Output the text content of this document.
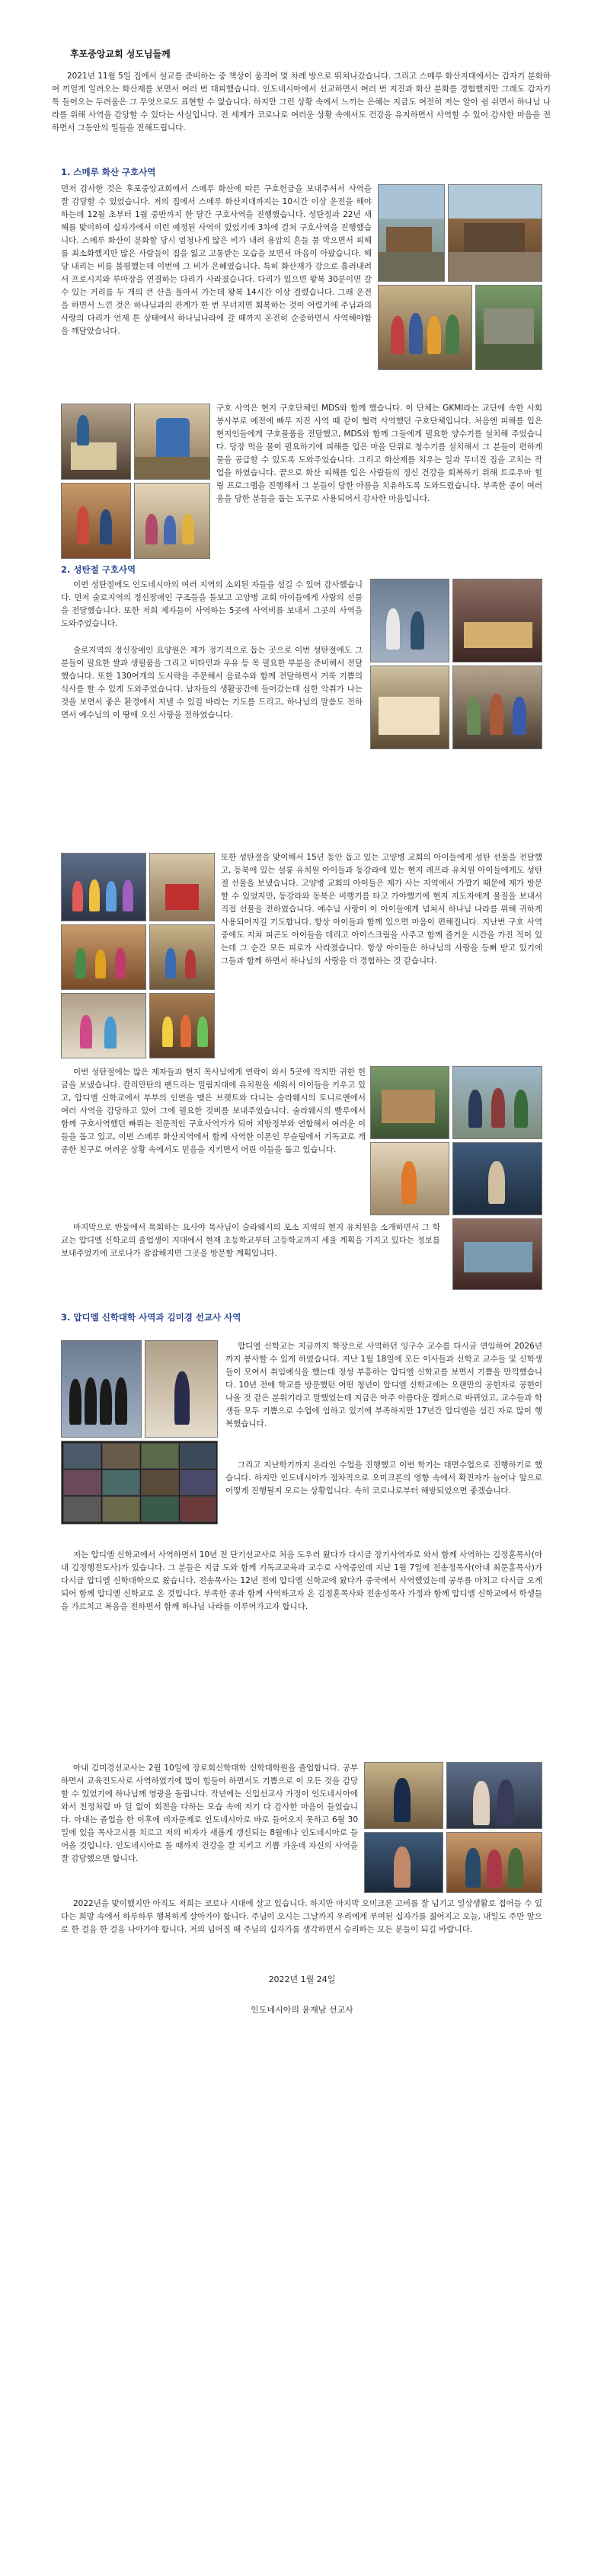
후포중앙교회 성도님들께

2021년 11월 5일 집에서 설교를 준비하는 중 책상이 움직여 몇 차례 방으로 뛰쳐나갔습니다. 그리고 스메루 화산지대에서는 갑자기 분화하여 끼얼게 일려오는 화산재를 보면서 여러 번 대피했습니다. 인도네시아에서 선교하면서 여러 번 지진과 화산 분화를 경험했지만 그래도 갑자기 툭 들어오는 두려움은 그 무엇으로도 표현할 수 없습니다. 하지만 그런 상황 속에서 느끼는 은혜는 지금도 여전히 저는 알아 쉼 쉬면서 하나님 나라를 위해 사역을 감당할 수 있다는 사실입니다. 전 세계가 코로나로 여러운 상황 속에서도 건강을 유지하면서 사역할 수 있어 감사한 마음을 전하면서 그동안의 일들을 전해드립니다.

1. 스메루 화산 구호사역

먼저 감사한 것은 후포중앙교회에서 스메루 화산에 따른 구호헌금을 보내주셔서 사역을 잘 감당할 수 있었습니다. 저의 집에서 스메루 화산지대까지는 10시간 이상 운전을 해야 하는데 12월 초부터 1월 중반까지 한 달간 구호사역을 진행했습니다. 성탄절과 22년 새해를 맞이하여 십자가에서 이런 예정된 사역이 있었기에 3차에 걸쳐 구호사역을 진행했습니다. 스메루 화산이 분화할 당시 엄청나게 많은 비가 내려 용암의 흔들 물 막으면서 피해를 최소화했지만 많은 사람들이 집을 잃고 고통받는 모습을 보면서 마음이 아팠습니다. 해당 내리는 비를 불평했는데 이번에 그 비가 은혜였습니다. 특히 화산재가 강으로 흘러내려서 프로시지와 루마장을 연결하는 다리가 사라졌습니다. 다리가 있으면 왕복 30분이면 갈 수 있는 거리를 두 개의 큰 산을 돌아서 가는데 왕복 14시간 이상 걸렸습니다. 그래 운전을 하면서 느낀 것은 하나님과의 관계가 한 번 무너지면 회복하는 것이 어렵기에 주님과의 사랑의 다리가 언제 튼 상태에서 하나님나라에 갈 때까지 온전히 순종하면서 사역해야함을 깨달았습니다.

구호 사역은 현지 구호단체인 MDS와 함께 했습니다. 이 단체는 GKMI라는 교단에 속한 사회봉사부로 예전에 빠무 지진 사역 때 같이 협력 사역했던 구호단체입니다. 처음엔 피해를 입은 현지인들에게 구호물품을 전달했고, MDS와 함께 그들에게 필요한 양수기를 설치해 주었습니다. 당장 먹을 물이 필요하기에 피해를 입은 마을 단위로 청수기를 설치해서 그 분들이 편하게 물을 공급할 수 있도록 도와주었습니다. 그리고 화산재를 치우는 일과 무너진 집을 고치는 작업을 하였습니다. 끝으로 화산 피해를 입은 사람들의 정신 건강을 회복하기 위해 트로우마 힐링 프로그램을 진행해서 그 분들이 당한 아픔을 치유하도록 도와드렸습니다. 부족한 종이 여러움을 당한 분들을 돕는 도구로 사용되어서 감사한 마음입니다.

2. 성탄절 구호사역

이번 성탄절에도 인도네시아의 여러 지역의 소외된 자들을 섬길 수 있어 감사했습니다. 먼저 술로지역의 정신장애인 구조들을 돌보고 고양병 교회 아이들에게 사랑의 선물을 전달했습니다. 또한 저희 제자들이 사역하는 5곳에 사역비를 보내서 그곳의 사역을 도와주었습니다.

술로지역의 정신장애인 요양원은 제가 정기적으로 돕는 곳으로 이번 성탄절에도 그 분들이 필요한 쌀과 생필품을 그리고 비타민과 우유 등 목 필요한 부분을 준비해서 전달했습니다. 또한 130여개의 도시락을 주문해서 음료수와 함께 전달하면서 거룩 기쁨의 식사를 할 수 있게 도와주었습니다. 남자들의 생활공간에 들어갔는데 심한 악취가 나는 것을 보면서 좋은 환경에서 지낼 수 있길 바라는 기도를 드리고, 하나님의 말씀도 전하면서 예수님의 이 땅에 오신 사랑을 전하였습니다.

또한 성탄절을 맞이해서 15년 동안 돕고 있는 고양병 교회의 아이들에게 성탄 선물을 전달했고, 동북에 있는 설롱 유치원 아이들과 동강라에 있는 현지 레프라 유치원 아이들에게도 성탄절 선물을 보냈습니다. 고양병 교회의 아이들은 제가 사는 지역에서 가깝기 때문에 제가 방문할 수 있었지만, 동강라와 동북은 비행기를 타고 가야했기에 현지 지도자에게 물질을 보내서 직접 선물을 전하였습니다. 예수님 사랑이 이 아이들에게 넘쳐서 하나님 나라를 위해 귀하게 사용되어지길 기도합니다. 항상 아이들과 함께 있으면 마음이 편해집니다. 지난번 구호 사역 중에도 지쳐 피곤도 아이들을 데리고 아이스크림을 사주고 함께 즐거운 시간을 가진 적이 있는데 그 순간 모든 피로가 사라졌습니다. 항상 아이들은 하나님의 사랑을 등뼈 받고 있기에 그들과 함께 하면서 하나님의 사랑을 더 경험하는 것 같습니다.

이번 성탄절에는 많은 제자들과 현지 목사님에게 연락이 와서 5곳에 작지만 귀한 헌금을 보냈습니다. 칼리만탄의 팬드리는 밀림지대에 유치원을 세워서 아이들을 키우고 있고, 압디엘 신학교에서 부부의 인연을 맺은 브렛트와 다니는 숨라웨시의 토니르앤에서 여러 사역을 감당하고 있어 그에 필요한 것비를 보내주었습니다. 술라웨시의 빨루에서 함께 구호사역했던 빠뤼는 전문적인 구호사역가가 되어 지방정부와 연합해서 여러운 이들을 돕고 있고, 이번 스메루 화산지역에서 함께 사역한 이폰인 무슬림에서 기독교로 개종한 친구로 어려운 상황 속에서도 믿음을 지키면서 어린 이들을 돕고 있습니다.

마지막으로 반둥에서 목회하는 요사야 목사님이 술라웨시의 포소 지역의 현지 유치원을 소개하면서 그 학교는 압디엘 신학교의 졸업생이 지대에서 현재 초등학교부터 고등학교까지 세울 계획을 가지고 있다는 정보를 보내주었기에 코로나가 잠잠해지면 그곳을 방문할 계획입니다.

3. 압디엘 신학대학 사역과 김미경 선교사 사역

압디엘 신학교는 지금까지 학장으로 사역하던 잉구수 교수를 다시금 연임하여 2026년까지 봉사할 수 있게 하였습니다. 지난 1월 18일에 모든 이사들과 신학교 교수들 및 신학생들이 모여서 취임예식을 했는데 정성 부흥하는 압디엘 신학교를 보면서 기쁨을 만끽했습니다. 10년 전에 학교를 방문했던 어떤 청년이 압디엘 신학교에는 오랜만의 공헌자로 공헌이 나올 것 같은 분위기라고 말했었는데 지금은 아주 아름다운 캠퍼스로 바뀌었고, 교수들과 학생들 모두 기쁨으로 수업에 임하고 있기에 부족하지만 17년간 압디엘을 섬긴 자로 많이 행복했습니다.

그리고 지난학기까지 온라인 수업을 진행했고 이번 학기는 대면수업으로 진행하기로 했습니다. 하지만 인도네시아가 점차적으로 오미크론의 영향 속에서 확진자가 늘어나 앞으로 어떻게 진행될지 모르는 상황입니다. 속히 코로나로부터 해방되었으면 좋겠습니다.

저는 압디엘 신학교에서 사역하면서 10년 전 단기선교사로 처음 도우러 왔다가 다시금 장기사역자로 와서 함께 사역하는 김정훈목사(아내 김정행전도사)가 있습니다. 그 분들은 지금 도와 함께 기독교교육과 교수로 사역중인데 지난 1월 7일에 전송정목사(아내 최문홍목사)가 다시금 압디엘 신학대학으로 왔습니다. 전송목사는 12년 전에 압디엘 신학교에 왔다가 중국에서 사역했었는데 공부를 마치고 다시금 오게되어 함께 압디엘 신학교로 온 것입니다. 부족한 종과 함께 사역하고자 온 김정훈목사와 전송성목사 가정과 함께 압디엘 신학교에서 학생들을 가르치고 복음을 전하면서 함께 하나님 나라를 이루어가고자 합니다.

아내 김미경선교사는 2월 10일에 장로회신학대학 신학대학원을 졸업합니다. 공부하면서 교육전도사로 사역하였기에 많이 힘들어 하면서도 기쁨으로 이 모든 것을 감당할 수 있었기에 하나님께 영광을 돌립니다. 작년에는 신입선교사 가정이 인도네시아에 와서 친정처럼 바 딜 없이 회전을 다하는 모습 속에 저기 다 감사한 마음이 들었습니다. 아내는 졸업을 한 이후에 비자문제로 인도네시아로 바로 들어오지 못하고 6월 30일에 있을 목사고시를 치르고 저의 비자가 새롭게 갱신되는 8월에나 인도네시아로 들어올 것입니다. 인도네시아로 돌 때까지 건강을 잘 지키고 기쁨 가운데 자신의 사역을 잘 감당했으면 합니다.

2022년을 맞이했지만 아직도 저희는 코로나 시대에 살고 있습니다. 하지만 마지막 오미크론 고비를 잘 넘기고 일상생활로 접어들 수 있다는 희망 속에서 하루하루 행복하게 살아가야 합니다. 주님이 오시는 그날까지 우리에게 부여된 십자가를 짊어지고 오늘, 내일도 주만 앞으로 한 걸음 한 걸음 나아가야 합니다. 저의 넘어질 때 주님의 십자가를 생각하면서 승리하는 모든 분들이 되길 바랍니다.

2022년 1월 24일

인도네시아의 윤재남 선교사
